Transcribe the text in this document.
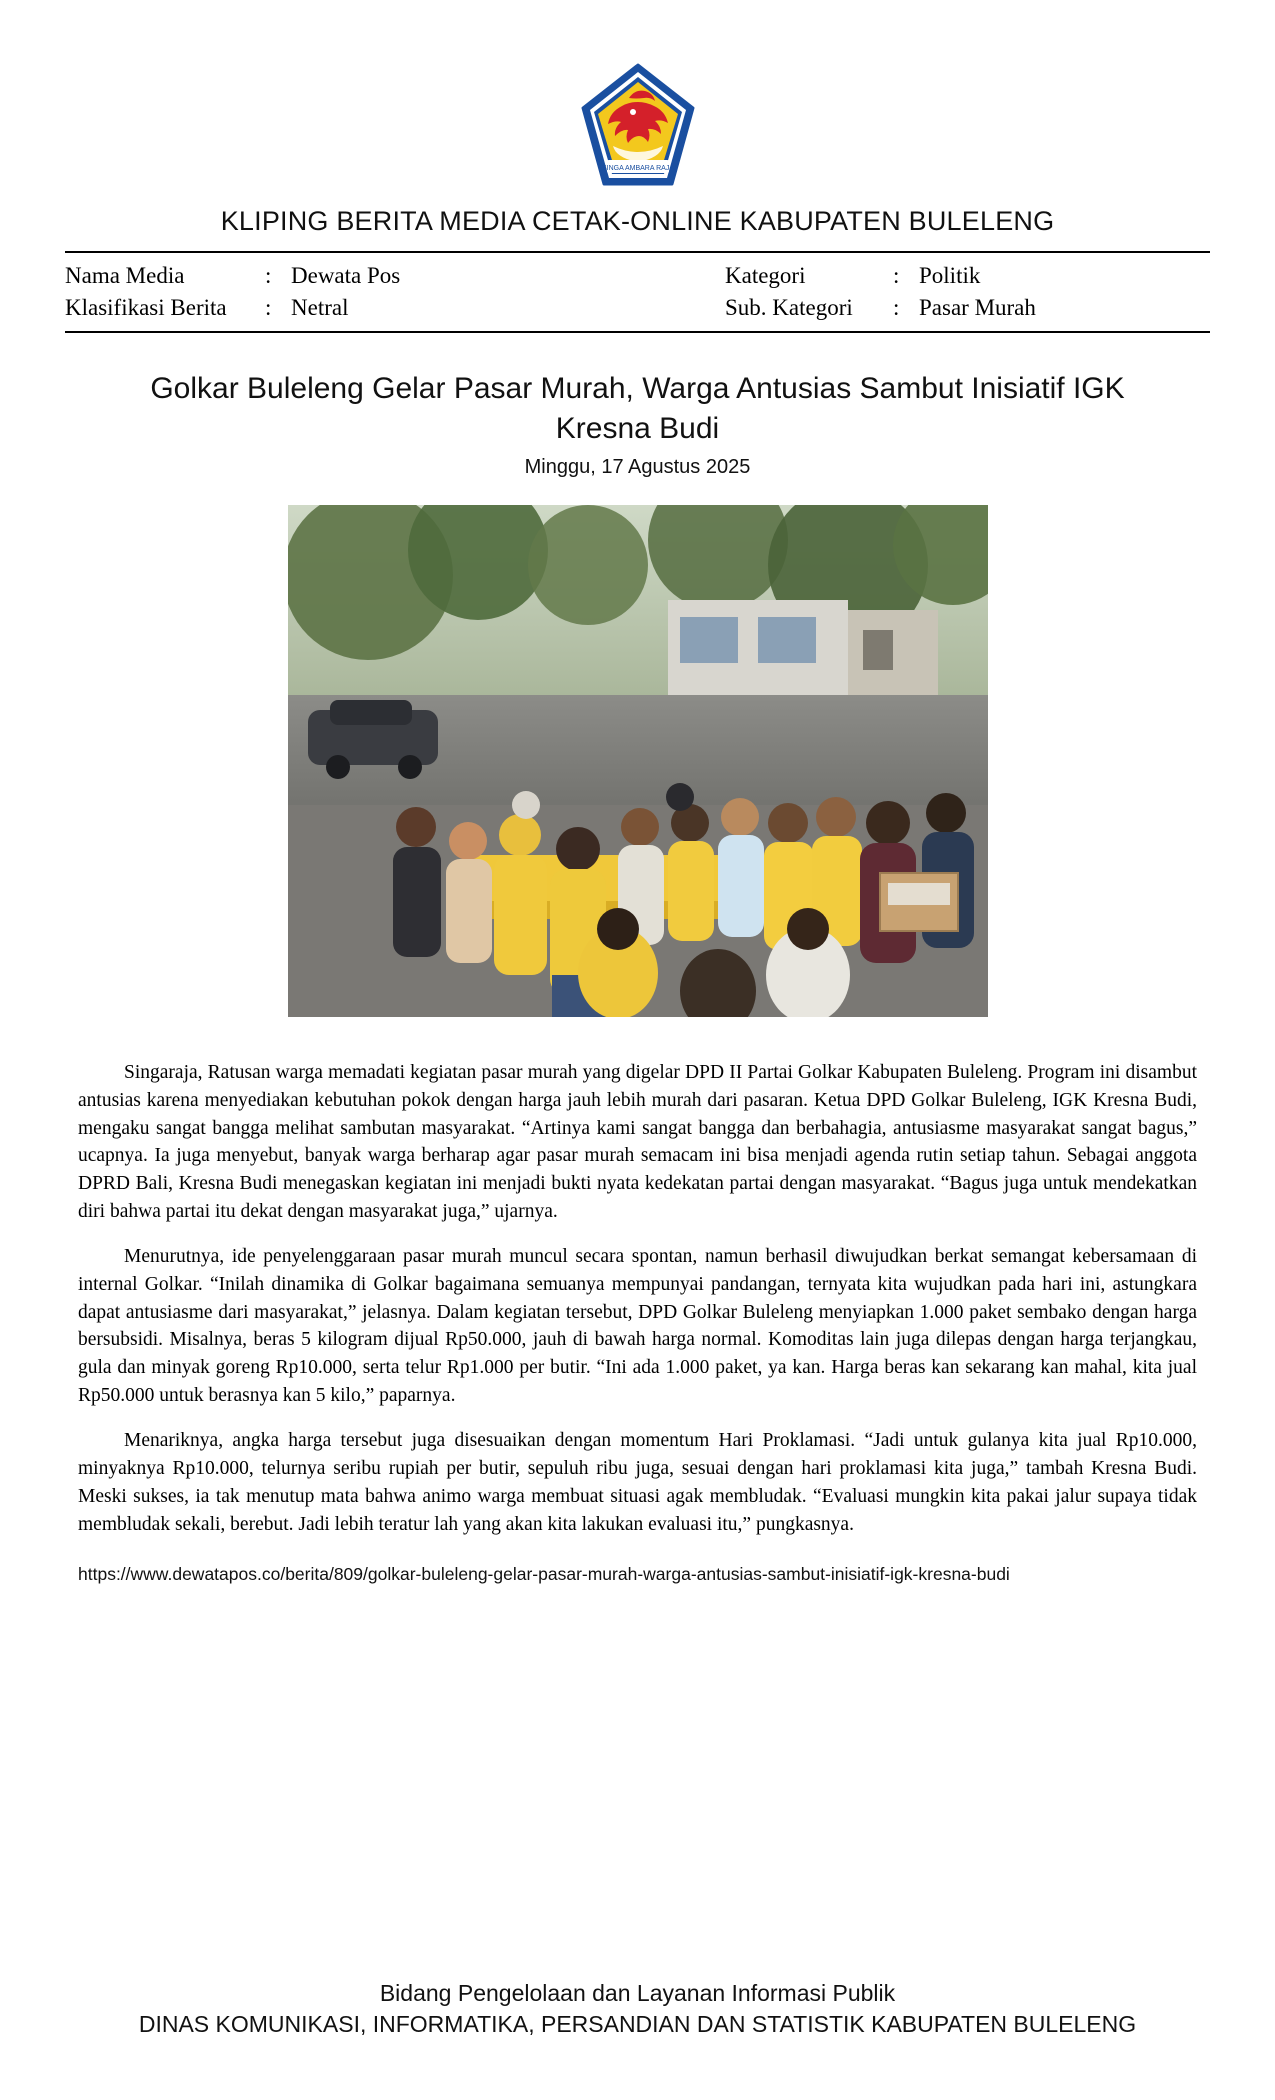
SINGA AMBARA RAJA
KLIPING BERITA MEDIA CETAK-ONLINE KABUPATEN BULELENG
Nama Media	: Dewata Pos	Kategori	: Politik
Klasifikasi Berita	: Netral	Sub. Kategori	: Pasar Murah
Golkar Buleleng Gelar Pasar Murah, Warga Antusias Sambut Inisiatif IGK Kresna Budi
Minggu, 17 Agustus 2025

Singaraja, Ratusan warga memadati kegiatan pasar murah yang digelar DPD II Partai Golkar Kabupaten Buleleng. Program ini disambut antusias karena menyediakan kebutuhan pokok dengan harga jauh lebih murah dari pasaran. Ketua DPD Golkar Buleleng, IGK Kresna Budi, mengaku sangat bangga melihat sambutan masyarakat. “Artinya kami sangat bangga dan berbahagia, antusiasme masyarakat sangat bagus,” ucapnya. Ia juga menyebut, banyak warga berharap agar pasar murah semacam ini bisa menjadi agenda rutin setiap tahun. Sebagai anggota DPRD Bali, Kresna Budi menegaskan kegiatan ini menjadi bukti nyata kedekatan partai dengan masyarakat. “Bagus juga untuk mendekatkan diri bahwa partai itu dekat dengan masyarakat juga,” ujarnya.

Menurutnya, ide penyelenggaraan pasar murah muncul secara spontan, namun berhasil diwujudkan berkat semangat kebersamaan di internal Golkar. “Inilah dinamika di Golkar bagaimana semuanya mempunyai pandangan, ternyata kita wujudkan pada hari ini, astungkara dapat antusiasme dari masyarakat,” jelasnya. Dalam kegiatan tersebut, DPD Golkar Buleleng menyiapkan 1.000 paket sembako dengan harga bersubsidi. Misalnya, beras 5 kilogram dijual Rp50.000, jauh di bawah harga normal. Komoditas lain juga dilepas dengan harga terjangkau, gula dan minyak goreng Rp10.000, serta telur Rp1.000 per butir. “Ini ada 1.000 paket, ya kan. Harga beras kan sekarang kan mahal, kita jual Rp50.000 untuk berasnya kan 5 kilo,” paparnya.

Menariknya, angka harga tersebut juga disesuaikan dengan momentum Hari Proklamasi. “Jadi untuk gulanya kita jual Rp10.000, minyaknya Rp10.000, telurnya seribu rupiah per butir, sepuluh ribu juga, sesuai dengan hari proklamasi kita juga,” tambah Kresna Budi. Meski sukses, ia tak menutup mata bahwa animo warga membuat situasi agak membludak. “Evaluasi mungkin kita pakai jalur supaya tidak membludak sekali, berebut. Jadi lebih teratur lah yang akan kita lakukan evaluasi itu,” pungkasnya.

https://www.dewatapos.co/berita/809/golkar-buleleng-gelar-pasar-murah-warga-antusias-sambut-inisiatif-igk-kresna-budi
Bidang Pengelolaan dan Layanan Informasi Publik
DINAS KOMUNIKASI, INFORMATIKA, PERSANDIAN DAN STATISTIK KABUPATEN BULELENG
